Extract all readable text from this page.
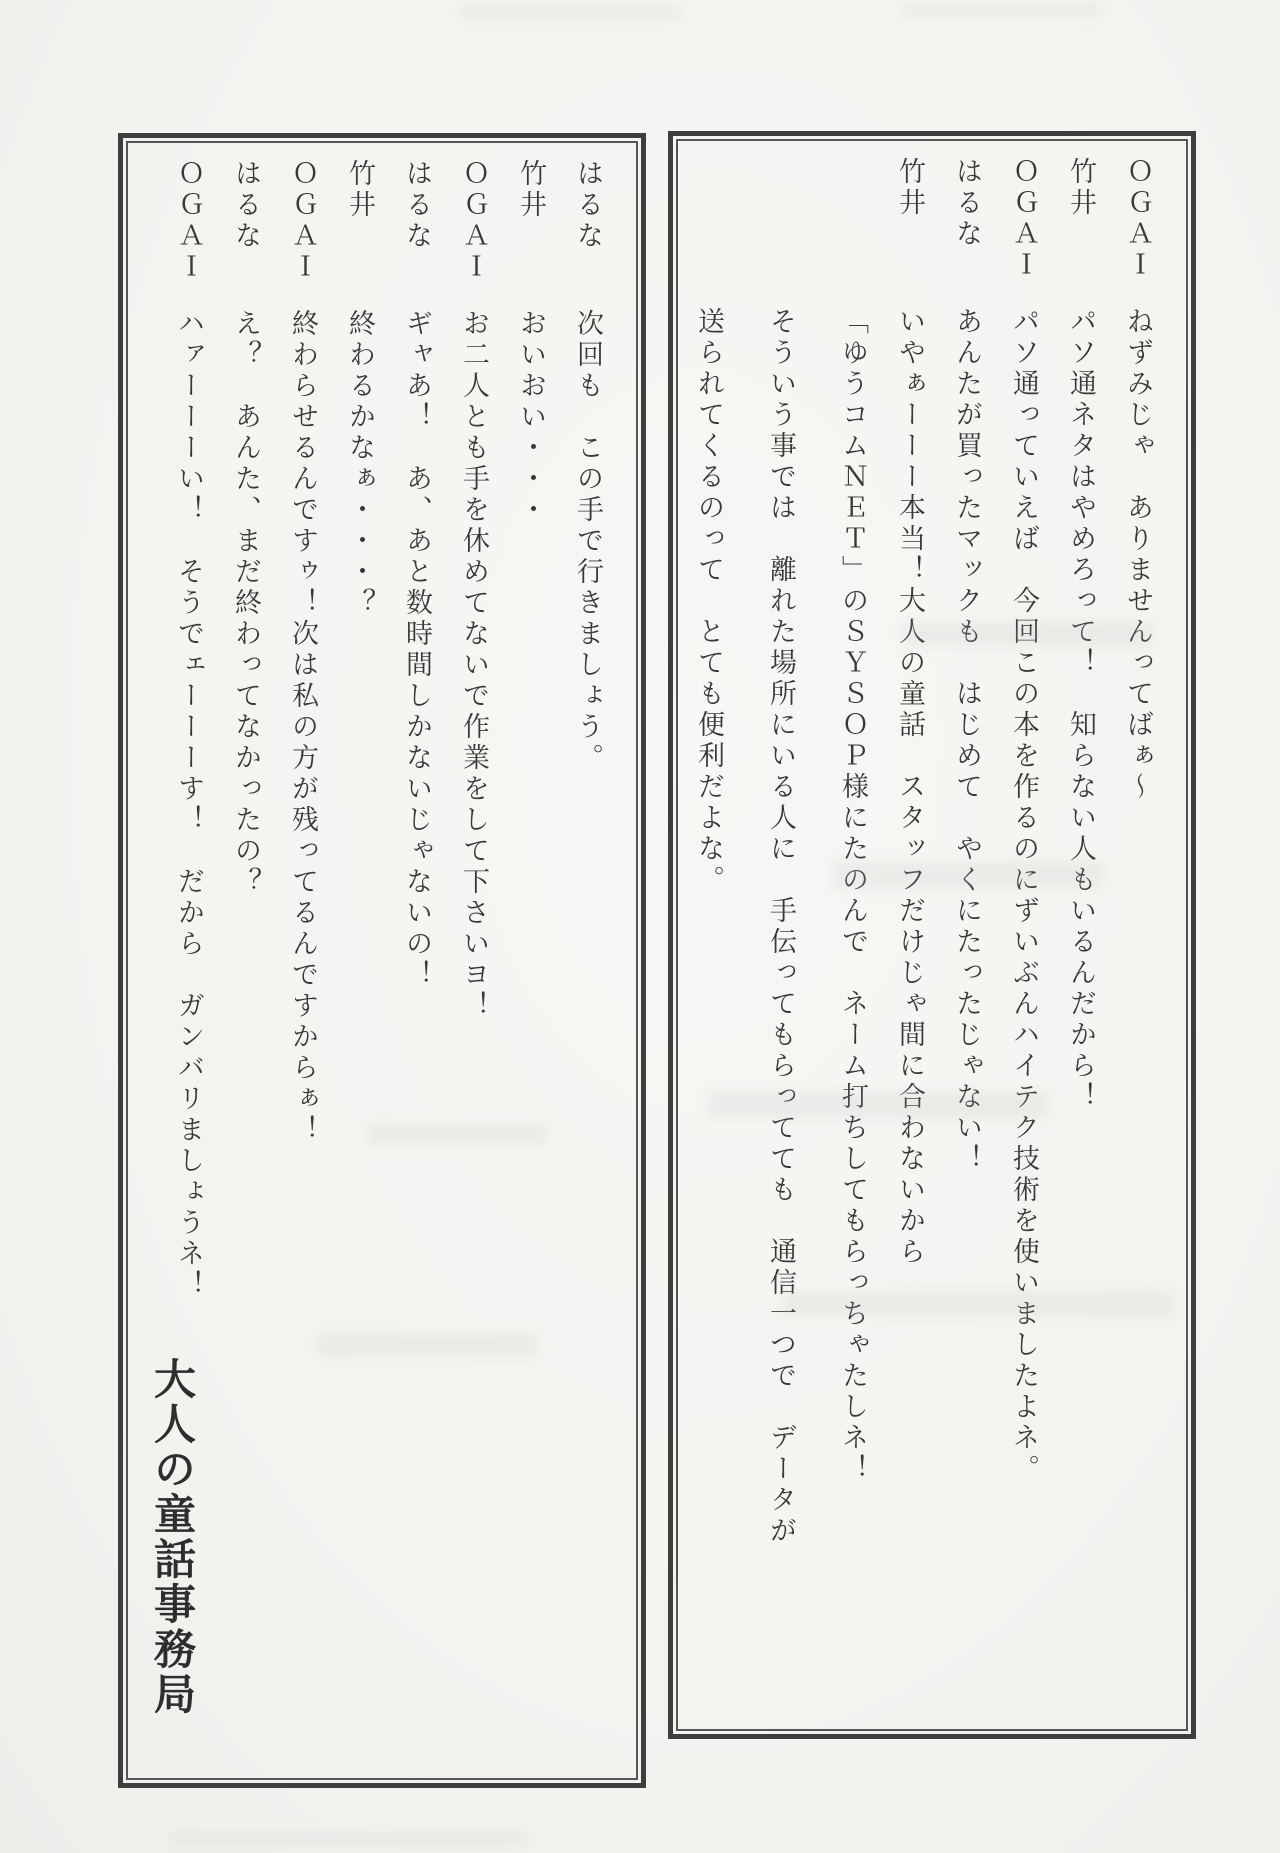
ＯＧＡＩねずみじゃ　ありませんってばぁ～

竹井パソ通ネタはやめろって！　知らない人もいるんだから！

ＯＧＡＩパソ通っていえば　今回この本を作るのにずいぶんハイテク技術を使いましたよネ。

はるなあんたが買ったマックも　はじめて　やくにたったじゃない！

竹井いやぁーーー本当！大人の童話　スタッフだけじゃ間に合わないから

「ゆうコムＮＥＴ」のＳＹＳＯＰ様にたのんで　ネーム打ちしてもらっちゃたしネ！

そういう事では　離れた場所にいる人に　手伝ってもらってても　通信一つで　データが

送られてくるのって　とても便利だよな。

はるな次回も　この手で行きましょう。

竹井おいおい・・・

ＯＧＡＩお二人とも手を休めてないで作業をして下さいヨ！

はるなギャあ！　あ、あと数時間しかないじゃないの！

竹井終わるかなぁ・・・？

ＯＧＡＩ終わらせるんですゥ！次は私の方が残ってるんですからぁ！

はるなえ？　あんた、まだ終わってなかったの？

ＯＧＡＩハァーーーい！　そうでェーーーす！　だから　ガンバリましょうネ！

大人の童話事務局
